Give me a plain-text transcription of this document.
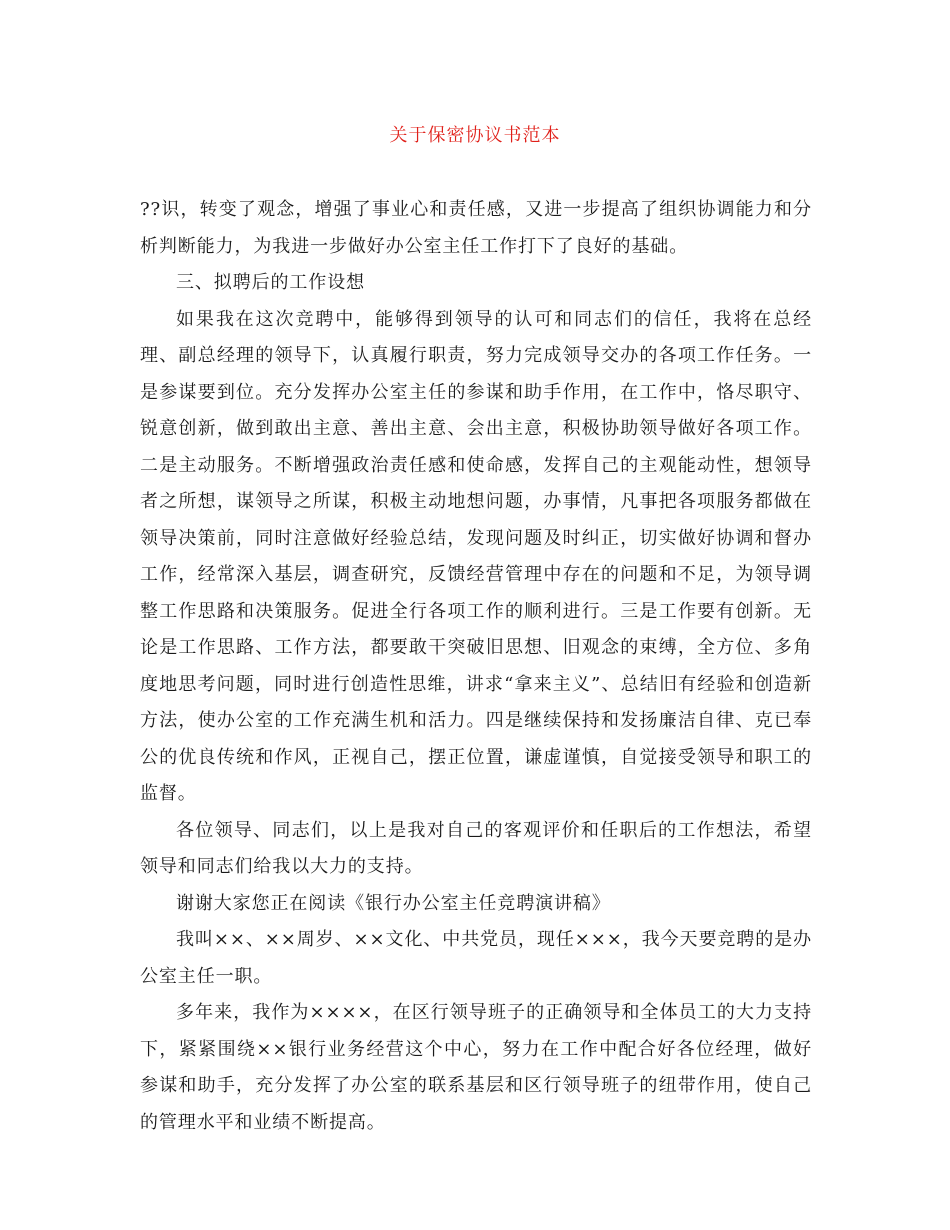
关于保密协议书范本

??识，转变了观念，增强了事业心和责任感，又进一步提高了组织协调能力和分析判断能力，为我进一步做好办公室主任工作打下了良好的基础。

三、拟聘后的工作设想

如果我在这次竞聘中，能够得到领导的认可和同志们的信任，我将在总经理、副总经理的领导下，认真履行职责，努力完成领导交办的各项工作任务。一是参谋要到位。充分发挥办公室主任的参谋和助手作用，在工作中，恪尽职守、锐意创新，做到敢出主意、善出主意、会出主意，积极协助领导做好各项工作。二是主动服务。不断增强政治责任感和使命感，发挥自己的主观能动性，想领导者之所想，谋领导之所谋，积极主动地想问题，办事情，凡事把各项服务都做在领导决策前，同时注意做好经验总结，发现问题及时纠正，切实做好协调和督办工作，经常深入基层，调查研究，反馈经营管理中存在的问题和不足，为领导调整工作思路和决策服务。促进全行各项工作的顺利进行。三是工作要有创新。无论是工作思路、工作方法，都要敢干突破旧思想、旧观念的束缚，全方位、多角度地思考问题，同时进行创造性思维，讲求“拿来主义”、总结旧有经验和创造新方法，使办公室的工作充满生机和活力。四是继续保持和发扬廉洁自律、克已奉公的优良传统和作风，正视自己，摆正位置，谦虚谨慎，自觉接受领导和职工的监督。

各位领导、同志们，以上是我对自己的客观评价和任职后的工作想法，希望领导和同志们给我以大力的支持。

谢谢大家您正在阅读《银行办公室主任竞聘演讲稿》

我叫××、××周岁、××文化、中共党员，现任×××，我今天要竞聘的是办公室主任一职。

多年来，我作为××××，在区行领导班子的正确领导和全体员工的大力支持下，紧紧围绕××银行业务经营这个中心，努力在工作中配合好各位经理，做好参谋和助手，充分发挥了办公室的联系基层和区行领导班子的纽带作用，使自己的管理水平和业绩不断提高。
